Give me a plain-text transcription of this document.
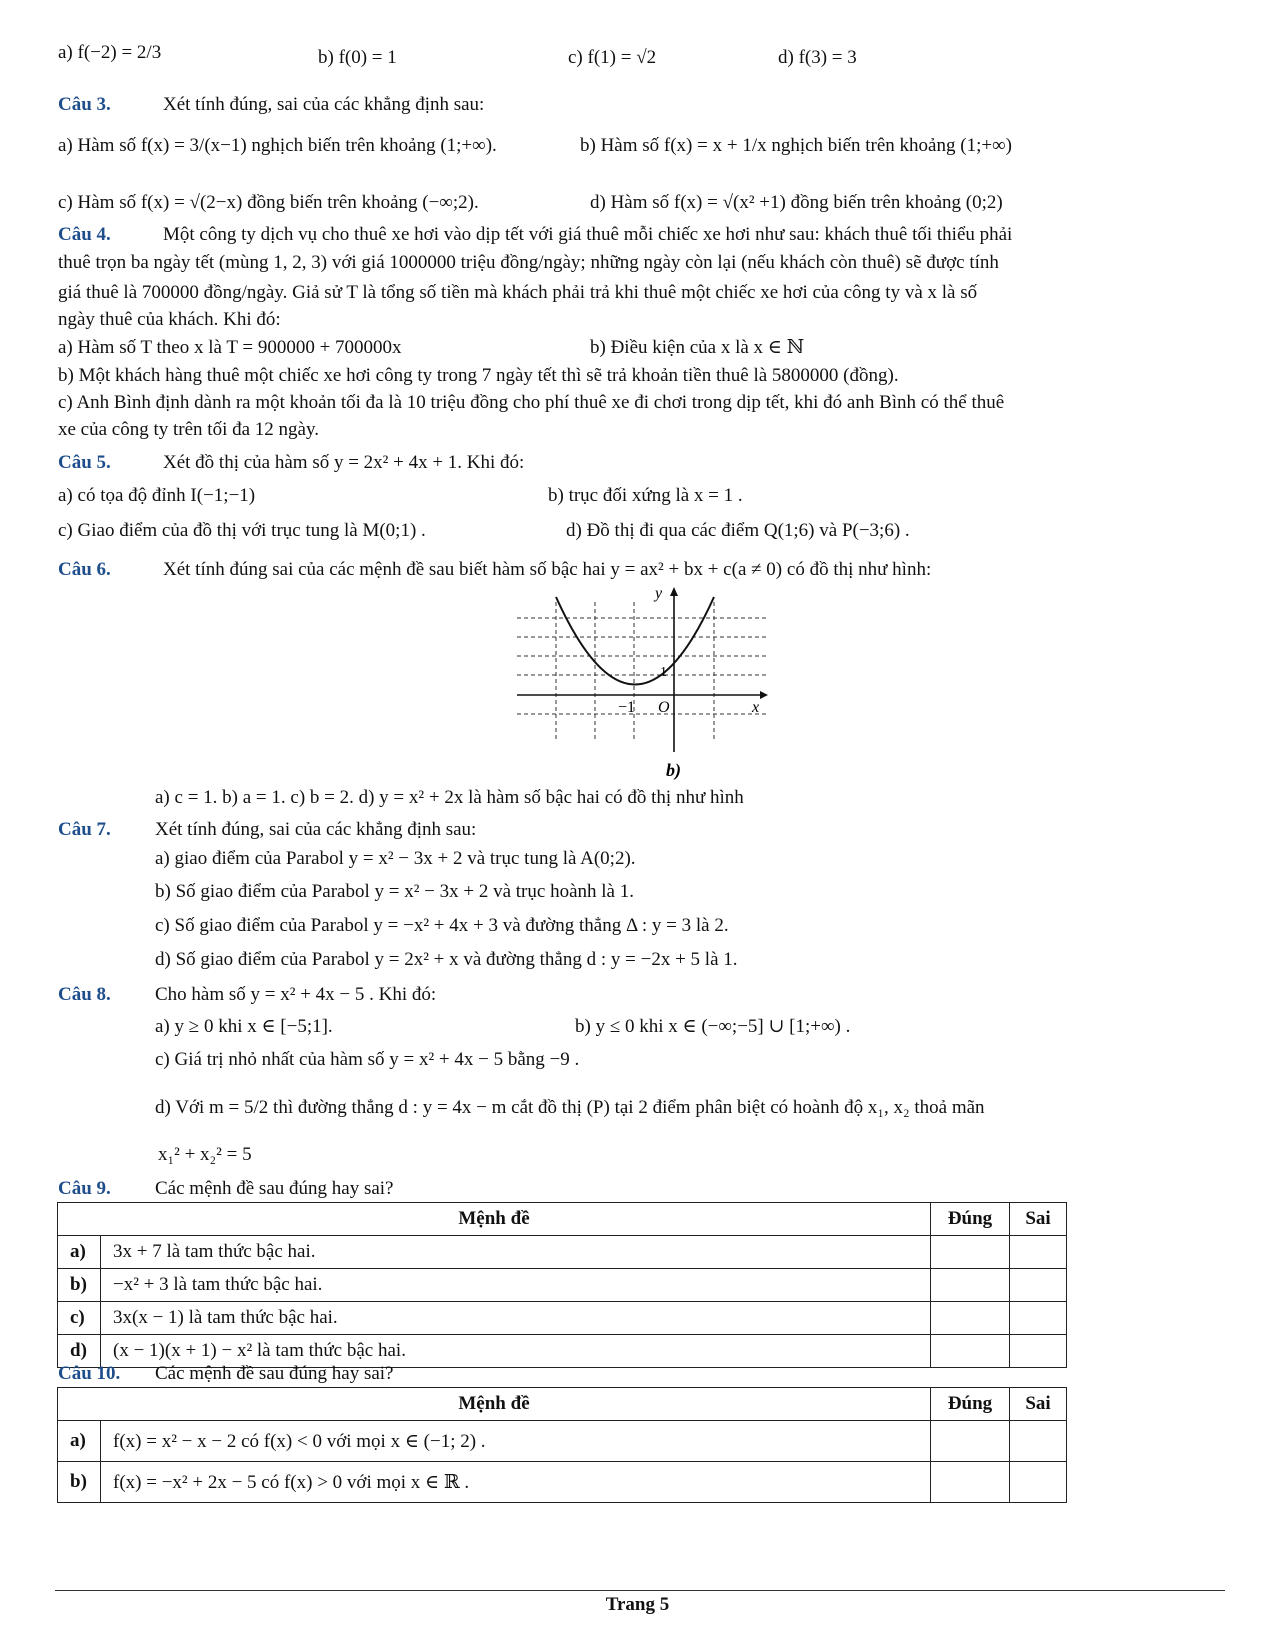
a) f(−2) = 2/3	b) f(0) = 1	c) f(1) = √2	d) f(3) = 3
Câu 3.	Xét tính đúng, sai của các khẳng định sau:
a) Hàm số f(x) = 3/(x−1) nghịch biến trên khoảng (1;+∞).	b) Hàm số f(x) = x + 1/x nghịch biến trên khoảng (1;+∞)
c) Hàm số f(x) = √(2−x) đồng biến trên khoảng (−∞;2).	d) Hàm số f(x) = √(x² +1) đồng biến trên khoảng (0;2)
Câu 4.	Một công ty dịch vụ cho thuê xe hơi vào dịp tết với giá thuê mỗi chiếc xe hơi như sau: khách thuê tối thiểu phải
thuê trọn ba ngày tết (mùng 1, 2, 3) với giá 1000000 triệu đồng/ngày; những ngày còn lại (nếu khách còn thuê) sẽ được tính
giá thuê là 700000 đồng/ngày. Giả sử T là tổng số tiền mà khách phải trả khi thuê một chiếc xe hơi của công ty và x là số
ngày thuê của khách. Khi đó:
a) Hàm số T theo x là T = 900000 + 700000x	b) Điều kiện của x là x ∈ ℕ
b) Một khách hàng thuê một chiếc xe hơi công ty trong 7 ngày tết thì sẽ trả khoản tiền thuê là 5800000 (đồng).
c) Anh Bình định dành ra một khoản tối đa là 10 triệu đồng cho phí thuê xe đi chơi trong dịp tết, khi đó anh Bình có thể thuê
xe của công ty trên tối đa 12 ngày.
Câu 5.	Xét đồ thị của hàm số y = 2x² + 4x + 1. Khi đó:
a) có tọa độ đỉnh I(−1;−1)	b) trục đối xứng là x = 1 .
c) Giao điểm của đồ thị với trục tung là M(0;1) .	d) Đồ thị đi qua các điểm Q(1;6) và P(−3;6) .
Câu 6.	Xét tính đúng sai của các mệnh đề sau biết hàm số bậc hai y = ax² + bx + c(a ≠ 0) có đồ thị như hình:
y
x
O
−1
1
b)
a) c = 1. b) a = 1. c) b = 2. d) y = x² + 2x là hàm số bậc hai có đồ thị như hình
Câu 7. Xét tính đúng, sai của các khẳng định sau:
a) giao điểm của Parabol y = x² − 3x + 2 và trục tung là A(0;2).
b) Số giao điểm của Parabol y = x² − 3x + 2 và trục hoành là 1.
c) Số giao điểm của Parabol y = −x² + 4x + 3 và đường thẳng Δ : y = 3 là 2.
d) Số giao điểm của Parabol y = 2x² + x và đường thẳng d : y = −2x + 5 là 1.
Câu 8. Cho hàm số y = x² + 4x − 5 . Khi đó:
a) y ≥ 0 khi x ∈ [−5;1].	b) y ≤ 0 khi x ∈ (−∞;−5] ∪ [1;+∞) .
c) Giá trị nhỏ nhất của hàm số y = x² + 4x − 5 bằng −9 .
d) Với m = 5/2 thì đường thẳng d : y = 4x − m cắt đồ thị (P) tại 2 điểm phân biệt có hoành độ x₁, x₂ thoả mãn
x₁² + x₂² = 5
Câu 9. Các mệnh đề sau đúng hay sai?
Mệnh đề		Đúng	Sai
a)	3x + 7 là tam thức bậc hai.		
b)	−x² + 3 là tam thức bậc hai.		
c)	3x(x − 1) là tam thức bậc hai.		
d)	(x − 1)(x + 1) − x² là tam thức bậc hai.		
Câu 10. Các mệnh đề sau đúng hay sai?
Mệnh đề		Đúng	Sai
a)	f(x) = x² − x − 2 có f(x) < 0 với mọi x ∈ (−1; 2) .		
b)	f(x) = −x² + 2x − 5 có f(x) > 0 với mọi x ∈ ℝ .		
Trang 5
